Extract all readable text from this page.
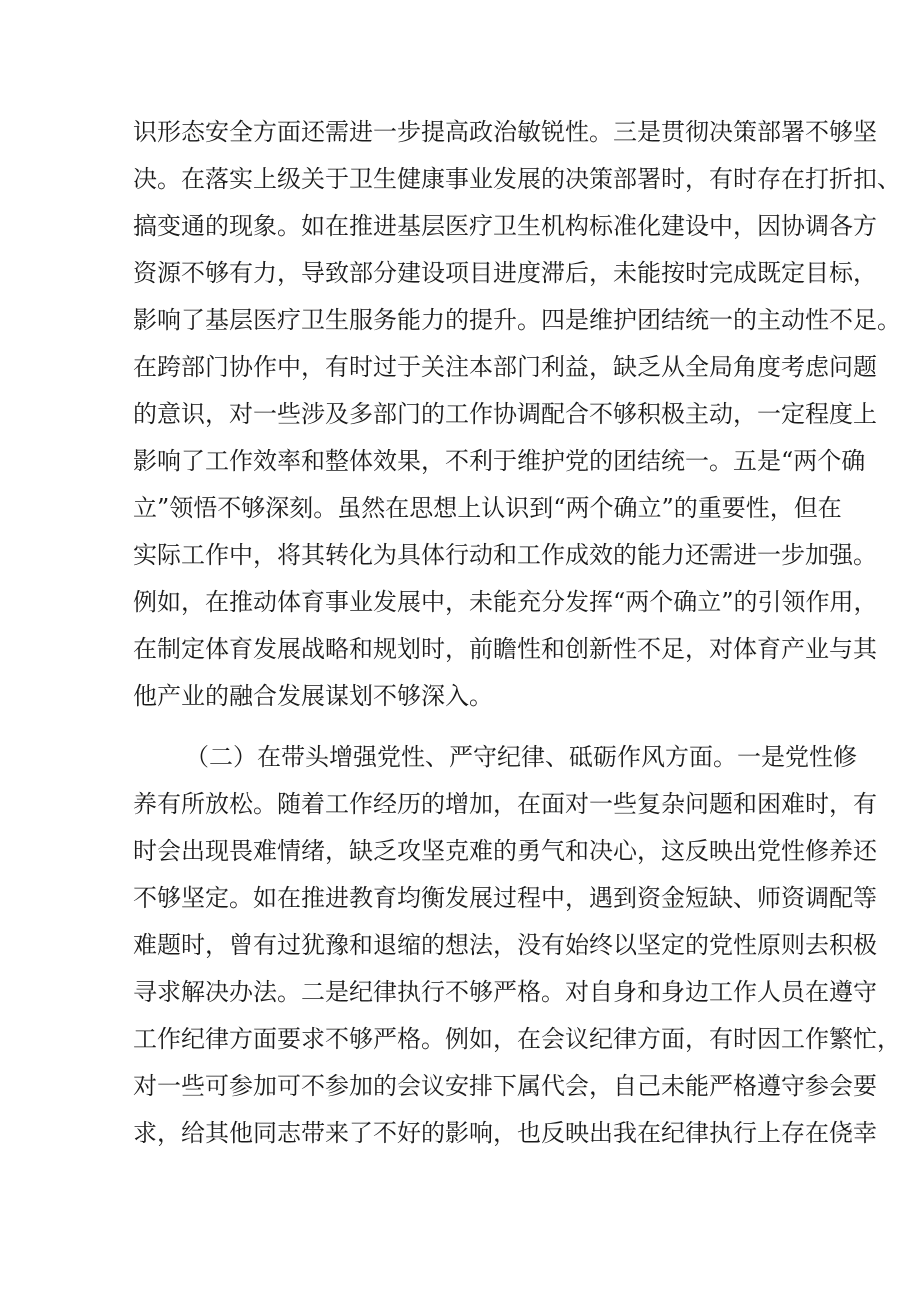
识形态安全方面还需进一步提高政治敏锐性。三是贯彻决策部署不够坚
决。在落实上级关于卫生健康事业发展的决策部署时，有时存在打折扣、
搞变通的现象。如在推进基层医疗卫生机构标准化建设中，因协调各方
资源不够有力，导致部分建设项目进度滞后，未能按时完成既定目标，
影响了基层医疗卫生服务能力的提升。四是维护团结统一的主动性不足。
在跨部门协作中，有时过于关注本部门利益，缺乏从全局角度考虑问题
的意识，对一些涉及多部门的工作协调配合不够积极主动，一定程度上
影响了工作效率和整体效果，不利于维护党的团结统一。五是“两个确
立”领悟不够深刻。虽然在思想上认识到“两个确立”的重要性，但在
实际工作中，将其转化为具体行动和工作成效的能力还需进一步加强。
例如，在推动体育事业发展中，未能充分发挥“两个确立”的引领作用，
在制定体育发展战略和规划时，前瞻性和创新性不足，对体育产业与其
他产业的融合发展谋划不够深入。
（二）在带头增强党性、严守纪律、砥砺作风方面。一是党性修
养有所放松。随着工作经历的增加，在面对一些复杂问题和困难时，有
时会出现畏难情绪，缺乏攻坚克难的勇气和决心，这反映出党性修养还
不够坚定。如在推进教育均衡发展过程中，遇到资金短缺、师资调配等
难题时，曾有过犹豫和退缩的想法，没有始终以坚定的党性原则去积极
寻求解决办法。二是纪律执行不够严格。对自身和身边工作人员在遵守
工作纪律方面要求不够严格。例如，在会议纪律方面，有时因工作繁忙，
对一些可参加可不参加的会议安排下属代会，自己未能严格遵守参会要
求，给其他同志带来了不好的影响，也反映出我在纪律执行上存在侥幸
